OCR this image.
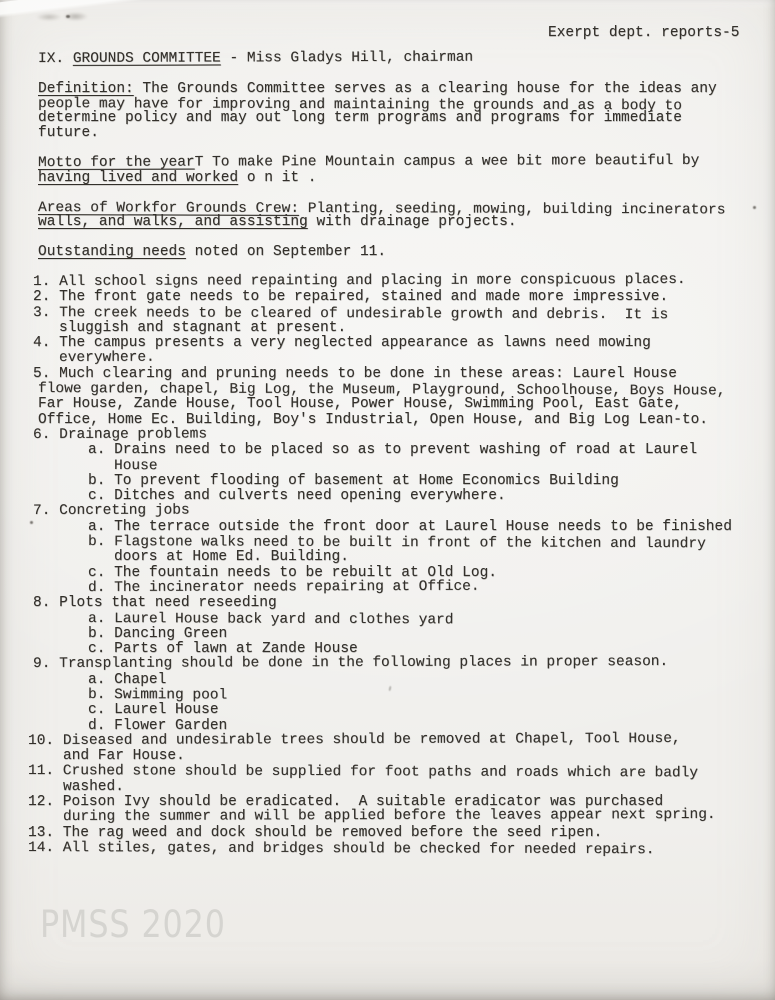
Exerpt dept. reports-5
IX. GROUNDS COMMITTEE - Miss Gladys Hill, chairman
Definition: The Grounds Committee serves as a clearing house for the ideas any
people may have for improving and maintaining the grounds and as a body to
determine policy and may out long term programs and programs for immediate
future.
Motto for the yearT To make Pine Mountain campus a wee bit more beautiful by
having lived and worked o n it .
Areas of Workfor Grounds Crew: Planting, seeding, mowing, building incinerators
walls, and walks, and assisting with drainage projects.
Outstanding needs noted on September 11.
1. All school signs need repainting and placing in more conspicuous places.
2. The front gate needs to be repaired, stained and made more impressive.
3. The creek needs to be cleared of undesirable growth and debris.  It is
sluggish and stagnant at present.
4. The campus presents a very neglected appearance as lawns need mowing
everywhere.
5. Much clearing and pruning needs to be done in these areas: Laurel House
flowe garden, chapel, Big Log, the Museum, Playground, Schoolhouse, Boys House,
Far House, Zande House, Tool House, Power House, Swimming Pool, East Gate,
Office, Home Ec. Building, Boy's Industrial, Open House, and Big Log Lean-to.
6. Drainage problems
a. Drains need to be placed so as to prevent washing of road at Laurel
House
b. To prevent flooding of basement at Home Economics Building
c. Ditches and culverts need opening everywhere.
7. Concreting jobs
a. The terrace outside the front door at Laurel House needs to be finished
b. Flagstone walks need to be built in front of the kitchen and laundry
doors at Home Ed. Building.
c. The fountain needs to be rebuilt at Old Log.
d. The incinerator needs repairing at Office.
8. Plots that need reseeding
a. Laurel House back yard and clothes yard
b. Dancing Green
c. Parts of lawn at Zande House
9. Transplanting should be done in the following places in proper season.
a. Chapel
b. Swimming pool
c. Laurel House
d. Flower Garden
10. Diseased and undesirable trees should be removed at Chapel, Tool House,
and Far House.
11. Crushed stone should be supplied for foot paths and roads which are badly
washed.
12. Poison Ivy should be eradicated.  A suitable eradicator was purchased
during the summer and will be applied before the leaves appear next spring.
13. The rag weed and dock should be removed before the seed ripen.
14. All stiles, gates, and bridges should be checked for needed repairs.
PMSS 2020
